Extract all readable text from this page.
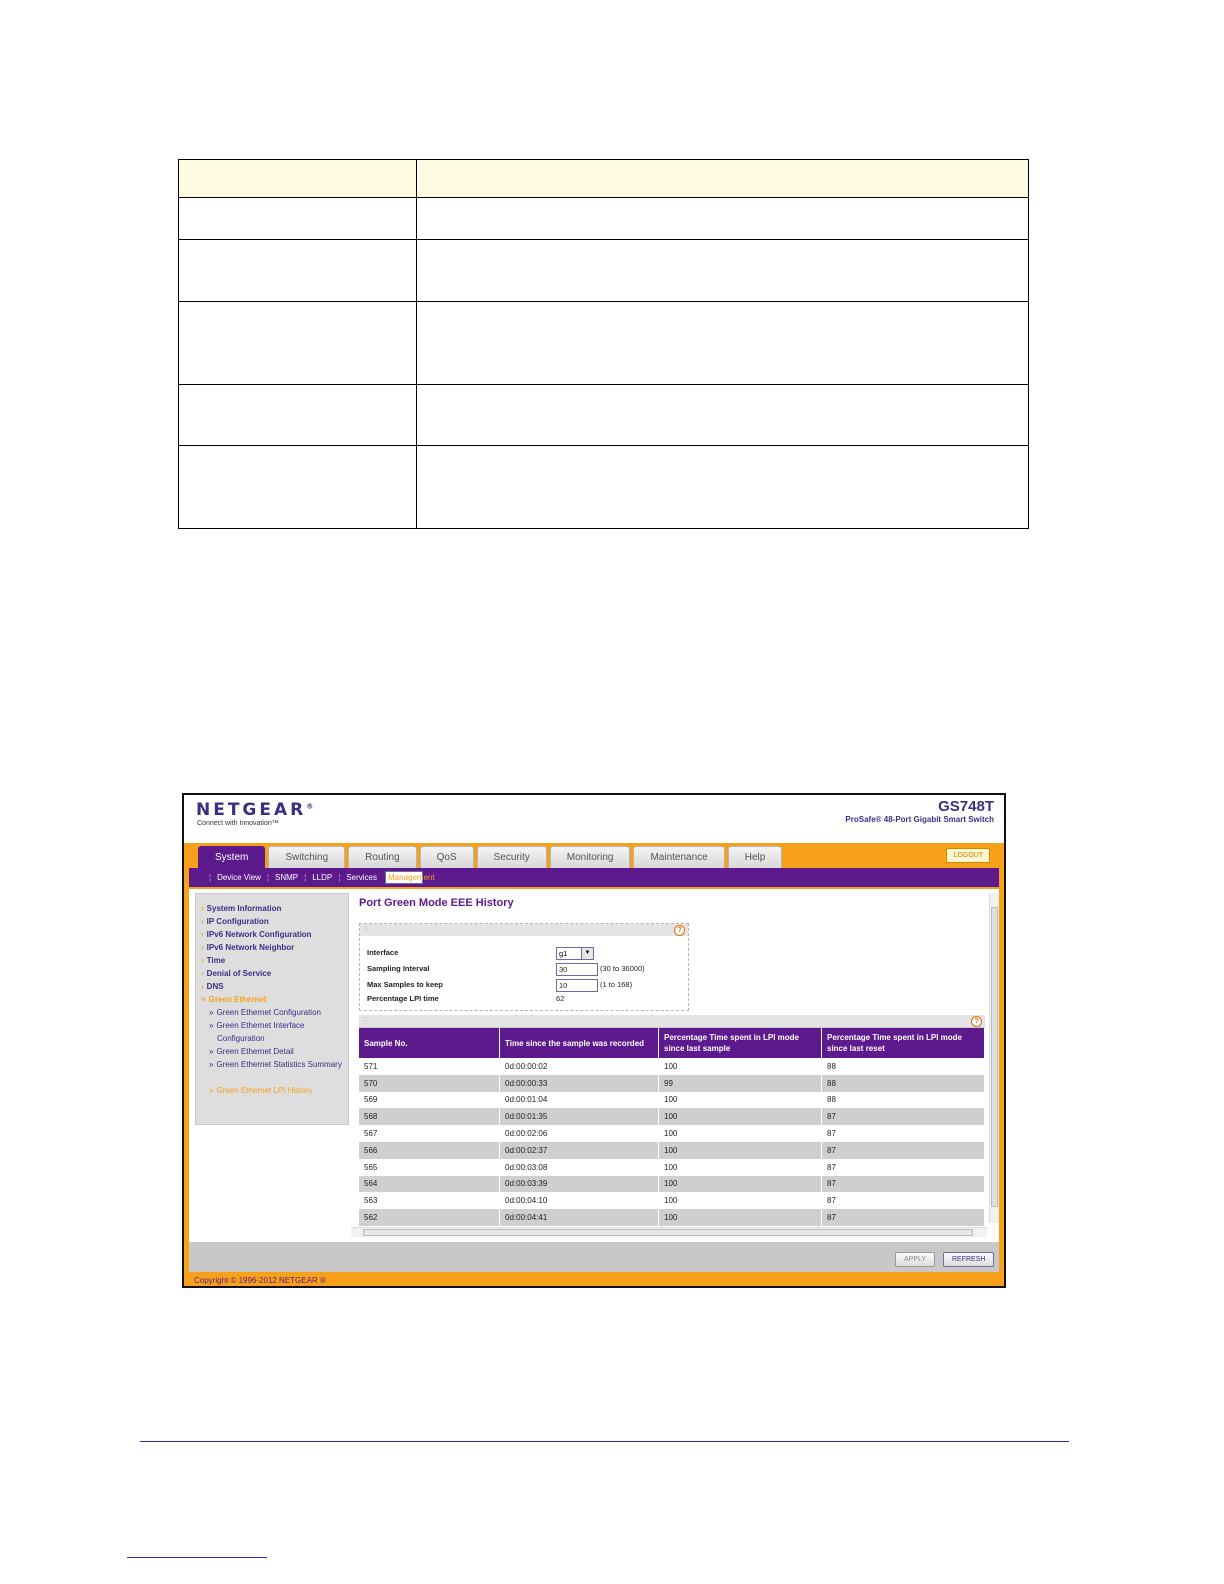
NETGEAR®
Connect with Innovation™
GS748T
ProSafe® 48-Port Gigabit Smart Switch
System	Switching	Routing	QoS	Security	Monitoring	Maintenance	Help	LOGOUT
Management
¦ Device View ¦ SNMP ¦ LLDP ¦ Services
› System Information
› IP Configuration
› IPv6 Network Configuration
› IPv6 Network Neighbor
› Time
› Denial of Service
› DNS
˅ Green Ethernet
» Green Ethernet Configuration
» Green Ethernet Interface Configuration
» Green Ethernet Detail
» Green Ethernet Statistics Summary
» Green Ethernet LPI History
Port Green Mode EEE History
::	?
Interface	g1	▼
Sampling Interval	30	(30 to 36000)
Max Samples to keep	10	(1 to 168)
Percentage LPI time	62
::	?
Sample No.	Time since the sample was recorded	Percentage Time spent in LPI mode since last sample	Percentage Time spent in LPI mode since last reset
571	0d:00:00:02	100	88
570	0d:00:00:33	99	88
569	0d:00:01:04	100	88
568	0d:00:01:35	100	87
567	0d:00:02:06	100	87
566	0d:00:02:37	100	87
565	0d:00:03:08	100	87
564	0d:00:03:39	100	87
563	0d:00:04:10	100	87
562	0d:00:04:41	100	87
APPLY	REFRESH
Copyright © 1996-2012 NETGEAR ®
